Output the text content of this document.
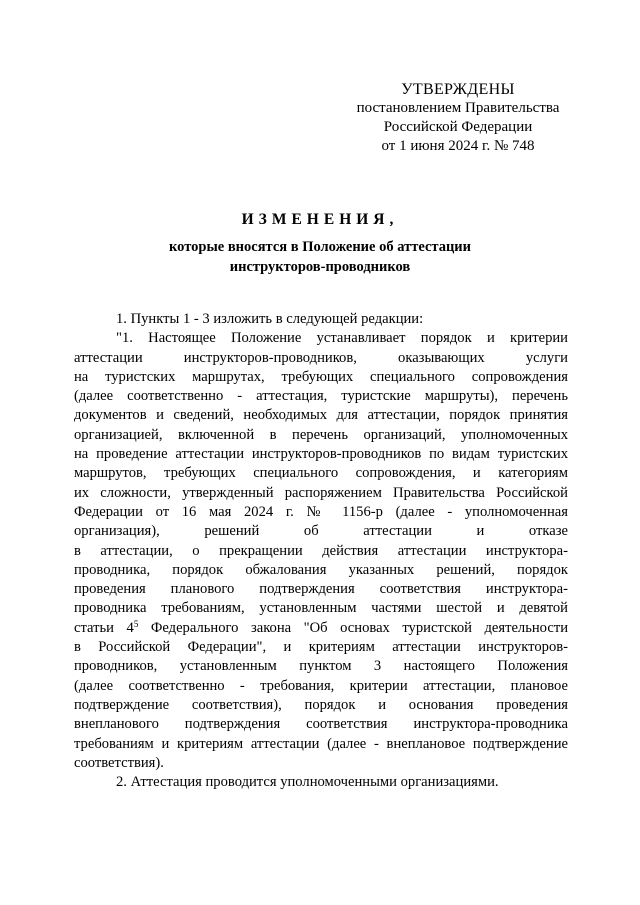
УТВЕРЖДЕНЫ
постановлением Правительства
Российской Федерации
от 1 июня 2024 г. № 748
ИЗМЕНЕНИЯ,
которые вносятся в Положение об аттестации
инструкторов-проводников
1. Пункты 1 - 3 изложить в следующей редакции:
"1. Настоящее Положение устанавливает порядок и критерии
аттестации инструкторов-проводников, оказывающих услуги
на туристских маршрутах, требующих специального сопровождения
(далее соответственно - аттестация, туристские маршруты), перечень
документов и сведений, необходимых для аттестации, порядок принятия
организацией, включенной в перечень организаций, уполномоченных
на проведение аттестации инструкторов-проводников по видам туристских
маршрутов, требующих специального сопровождения, и категориям
их сложности, утвержденный распоряжением Правительства Российской
Федерации от 16 мая 2024 г. № 1156-р (далее - уполномоченная
организация), решений об аттестации и отказе
в аттестации, о прекращении действия аттестации инструктора-
проводника, порядок обжалования указанных решений, порядок
проведения планового подтверждения соответствия инструктора-
проводника требованиям, установленным частями шестой и девятой
статьи $4^5$ Федерального закона "Об основах туристской деятельности
в Российской Федерации", и критериям аттестации инструкторов-
проводников, установленным пунктом 3 настоящего Положения
(далее соответственно - требования, критерии аттестации, плановое
подтверждение соответствия), порядок и основания проведения
внепланового подтверждения соответствия инструктора-проводника
требованиям и критериям аттестации (далее - внеплановое подтверждение
соответствия).
2. Аттестация проводится уполномоченными организациями.
